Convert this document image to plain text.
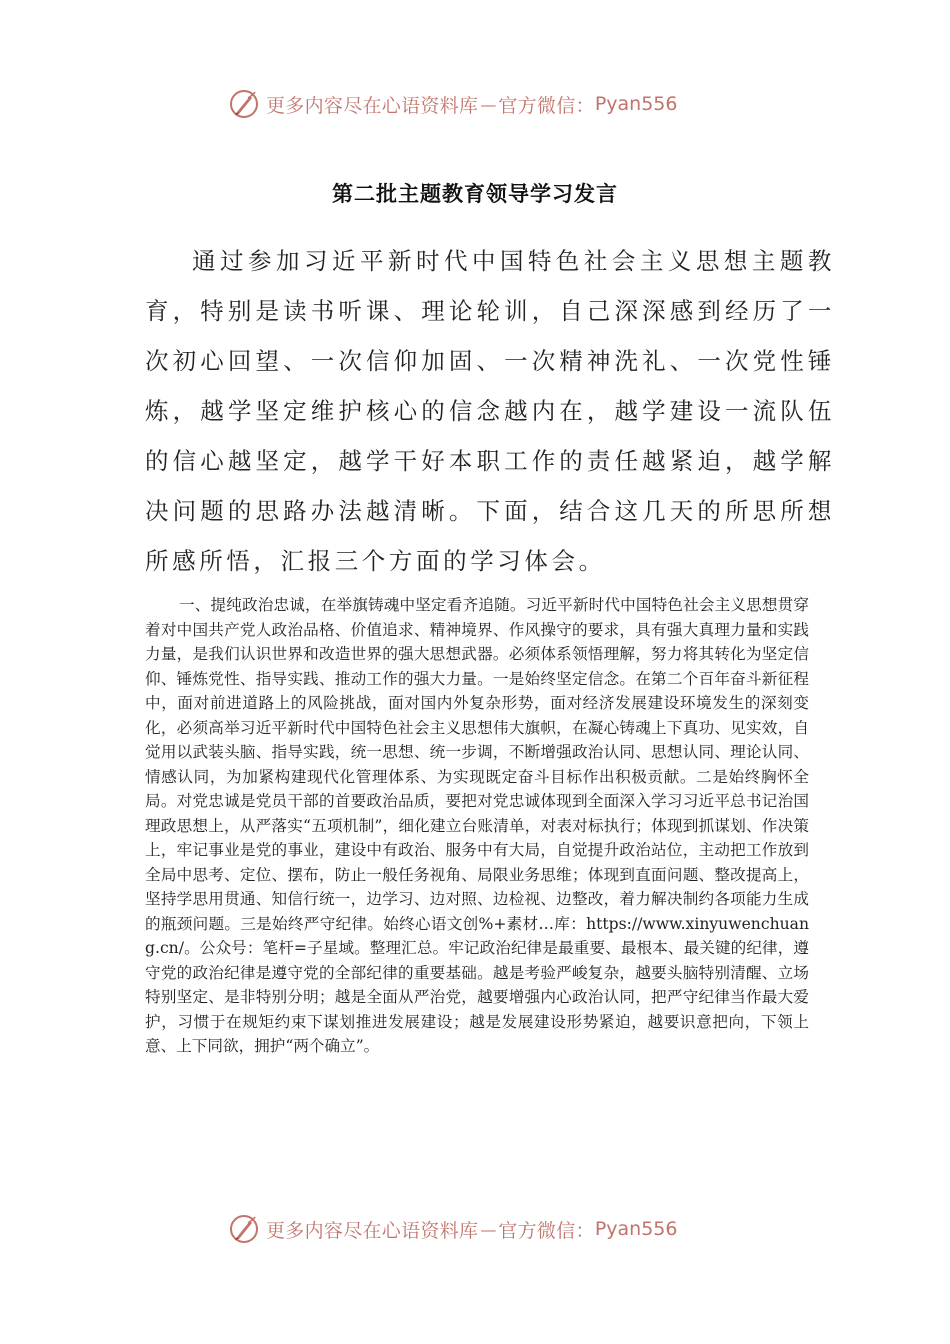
更多内容尽在心语资料库 — 官方微信： Pyan556
第二批主题教育领导学习发言

通过参加习近平新时代中国特色社会主义思想主题教育，特别是读书听课、理论轮训，自己深深感到经历了一次初心回望、一次信仰加固、一次精神洗礼、一次党性锤炼，越学坚定维护核心的信念越内在，越学建设一流队伍的信心越坚定，越学干好本职工作的责任越紧迫，越学解决问题的思路办法越清晰。下面，结合这几天的所思所想所感所悟，汇报三个方面的学习体会。

一、提纯政治忠诚，在举旗铸魂中坚定看齐追随。习近平新时代中国特色社会主义思想贯穿着对中国共产党人政治品格、价值追求、精神境界、作风操守的要求，具有强大真理力量和实践力量，是我们认识世界和改造世界的强大思想武器。必须体系领悟理解，努力将其转化为坚定信仰、锤炼党性、指导实践、推动工作的强大力量。一是始终坚定信念。在第二个百年奋斗新征程中，面对前进道路上的风险挑战，面对国内外复杂形势，面对经济发展建设环境发生的深刻变化，必须高举习近平新时代中国特色社会主义思想伟大旗帜，在凝心铸魂上下真功、见实效，自觉用以武装头脑、指导实践，统一思想、统一步调，不断增强政治认同、思想认同、理论认同、情感认同，为加紧构建现代化管理体系、为实现既定奋斗目标作出积极贡献。二是始终胸怀全局。对党忠诚是党员干部的首要政治品质，要把对党忠诚体现到全面深入学习习近平总书记治国理政思想上，从严落实“五项机制”，细化建立台账清单，对表对标执行；体现到抓谋划、作决策上，牢记事业是党的事业，建设中有政治、服务中有大局，自觉提升政治站位，主动把工作放到全局中思考、定位、摆布，防止一般任务视角、局限业务思维；体现到直面问题、整改提高上，坚持学思用贯通、知信行统一，边学习、边对照、边检视、边整改，着力解决制约各项能力生成的瓶颈问题。三是始终严守纪律。始终心语文创%+素材…库：https://www.xinyuwenchuang.cn/。公众号：笔杆=子星域。整理汇总。牢记政治纪律是最重要、最根本、最关键的纪律，遵守党的政治纪律是遵守党的全部纪律的重要基础。越是考验严峻复杂，越要头脑特别清醒、立场特别坚定、是非特别分明；越是全面从严治党，越要增强内心政治认同，把严守纪律当作最大爱护，习惯于在规矩约束下谋划推进发展建设；越是发展建设形势紧迫，越要识意把向，下领上意、上下同欲，拥护“两个确立”。

更多内容尽在心语资料库 — 官方微信： Pyan556
